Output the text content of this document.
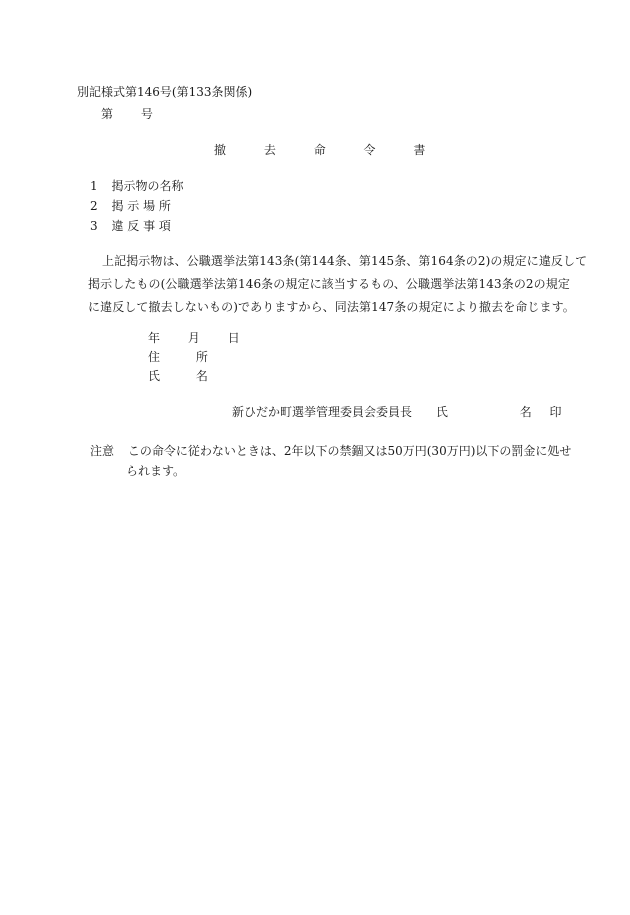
別記様式第146号(第133条関係)
第 号
撤	去	命	令	書
1 掲示物の名称
2 掲 示 場 所
3 違 反 事 項
上記掲示物は、公職選挙法第143条(第144条、第145条、第164条の2)の規定に違反して
掲示したもの(公職選挙法第146条の規定に該当するもの、公職選挙法第143条の2の規定
に違反して撤去しないもの)でありますから、同法第147条の規定により撤去を命じます。
年 月 日
住	所
氏	名
新ひだか町選挙管理委員会委員長 氏	名 印
注意 この命令に従わないときは、2年以下の禁錮又は50万円(30万円)以下の罰金に処せ
られます。
